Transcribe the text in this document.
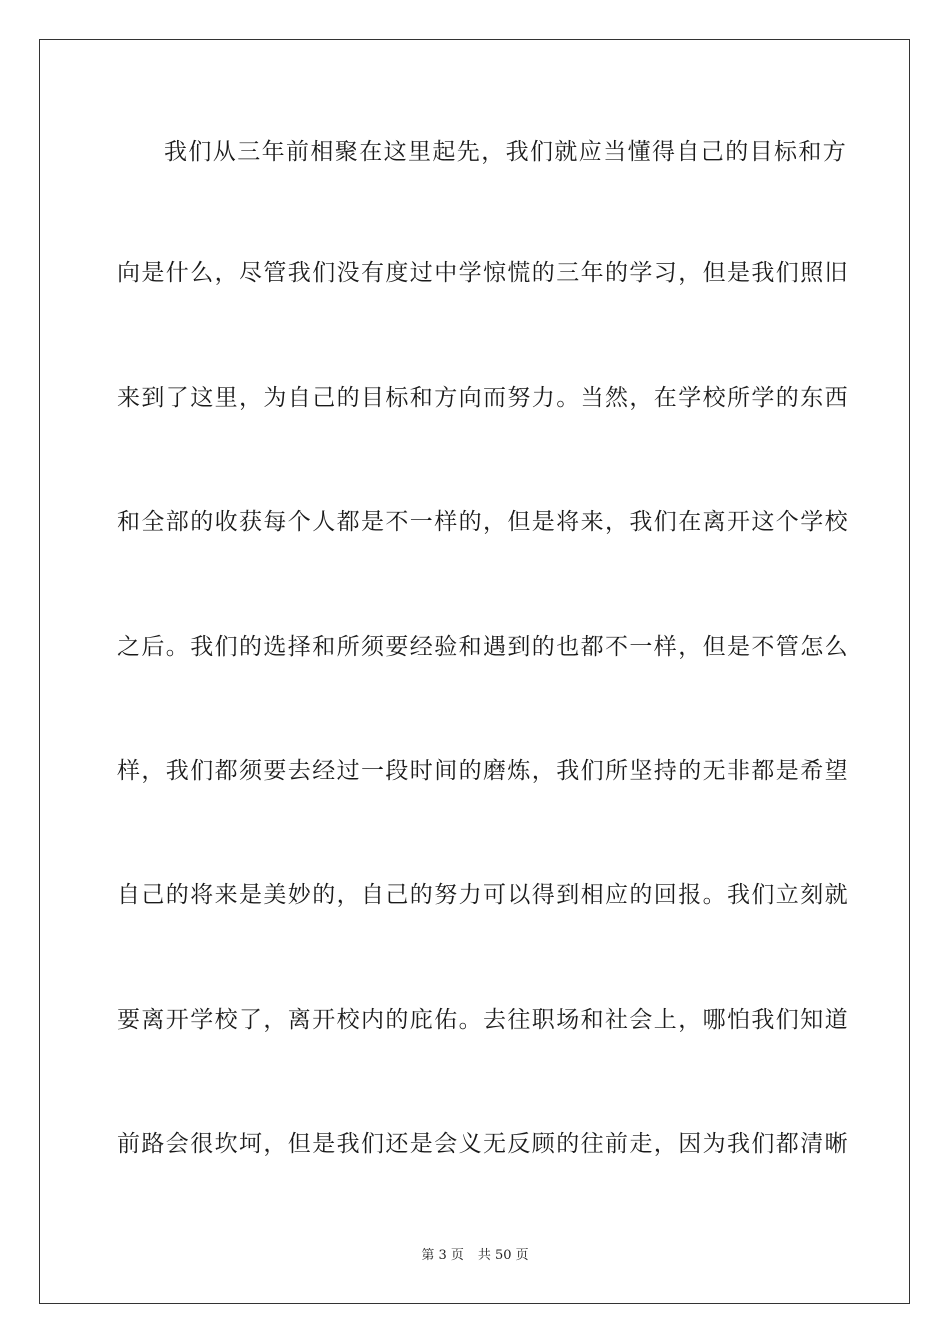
我们从三年前相聚在这里起先，我们就应当懂得自己的目标和方
向是什么，尽管我们没有度过中学惊慌的三年的学习，但是我们照旧
来到了这里，为自己的目标和方向而努力。当然，在学校所学的东西
和全部的收获每个人都是不一样的，但是将来，我们在离开这个学校
之后。我们的选择和所须要经验和遇到的也都不一样，但是不管怎么
样，我们都须要去经过一段时间的磨炼，我们所坚持的无非都是希望
自己的将来是美妙的，自己的努力可以得到相应的回报。我们立刻就
要离开学校了，离开校内的庇佑。去往职场和社会上，哪怕我们知道
前路会很坎坷，但是我们还是会义无反顾的往前走，因为我们都清晰
第 3 页 共 50 页
